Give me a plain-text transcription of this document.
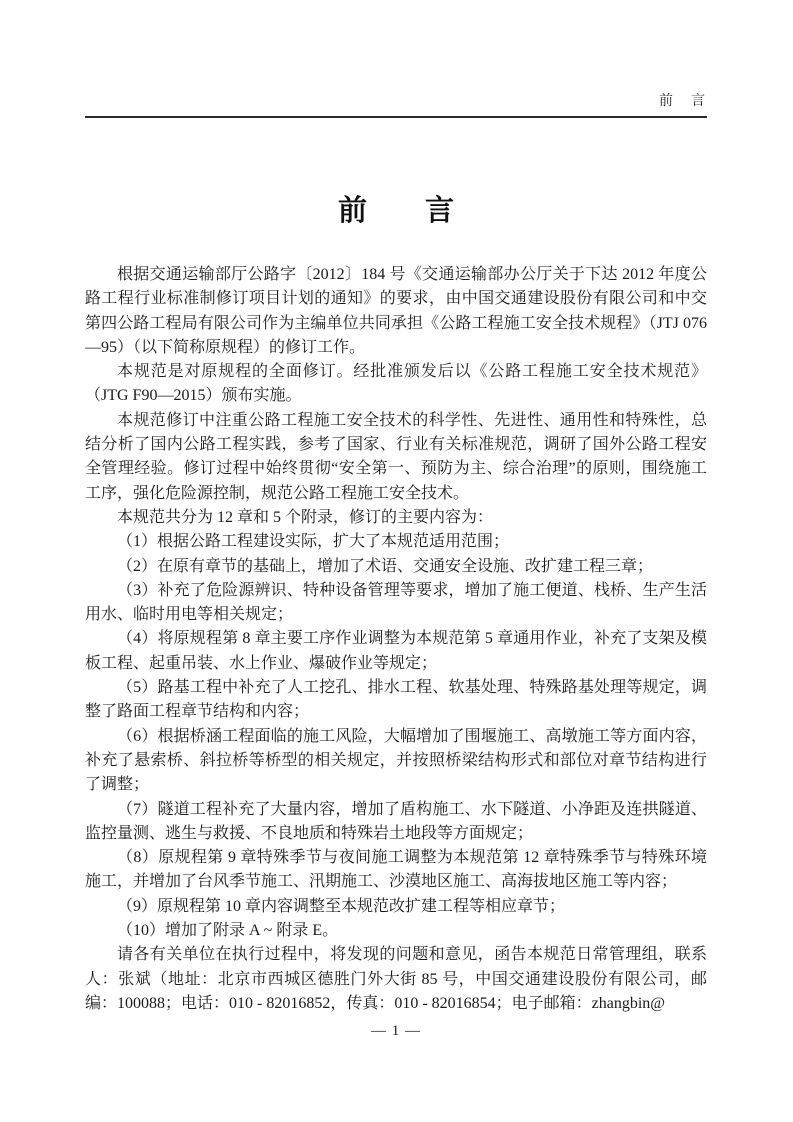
前　言
前　　言

根据交通运输部厅公路字〔2012〕184 号《交通运输部办公厅关于下达 2012 年度公路工程行业标准制修订项目计划的通知》的要求，由中国交通建设股份有限公司和中交第四公路工程局有限公司作为主编单位共同承担《公路工程施工安全技术规程》（JTJ 076—95）（以下简称原规程）的修订工作。

本规范是对原规程的全面修订。经批准颁发后以《公路工程施工安全技术规范》（JTG F90—2015）颁布实施。

本规范修订中注重公路工程施工安全技术的科学性、先进性、通用性和特殊性，总结分析了国内公路工程实践，参考了国家、行业有关标准规范，调研了国外公路工程安全管理经验。修订过程中始终贯彻“安全第一、预防为主、综合治理”的原则，围绕施工工序，强化危险源控制，规范公路工程施工安全技术。

本规范共分为 12 章和 5 个附录，修订的主要内容为：

（1）根据公路工程建设实际，扩大了本规范适用范围；

（2）在原有章节的基础上，增加了术语、交通安全设施、改扩建工程三章；

（3）补充了危险源辨识、特种设备管理等要求，增加了施工便道、栈桥、生产生活用水、临时用电等相关规定；

（4）将原规程第 8 章主要工序作业调整为本规范第 5 章通用作业，补充了支架及模板工程、起重吊装、水上作业、爆破作业等规定；

（5）路基工程中补充了人工挖孔、排水工程、软基处理、特殊路基处理等规定，调整了路面工程章节结构和内容；

（6）根据桥涵工程面临的施工风险，大幅增加了围堰施工、高墩施工等方面内容，补充了悬索桥、斜拉桥等桥型的相关规定，并按照桥梁结构形式和部位对章节结构进行了调整；

（7）隧道工程补充了大量内容，增加了盾构施工、水下隧道、小净距及连拱隧道、监控量测、逃生与救援、不良地质和特殊岩土地段等方面规定；

（8）原规程第 9 章特殊季节与夜间施工调整为本规范第 12 章特殊季节与特殊环境施工，并增加了台风季节施工、汛期施工、沙漠地区施工、高海拔地区施工等内容；

（9）原规程第 10 章内容调整至本规范改扩建工程等相应章节；

（10）增加了附录 A ~ 附录 E。

请各有关单位在执行过程中，将发现的问题和意见，函告本规范日常管理组，联系人：张斌（地址：北京市西城区德胜门外大街 85 号，中国交通建设股份有限公司，邮编：100088；电话：010 - 82016852，传真：010 - 82016854；电子邮箱：zhangbin@

— 1 —
